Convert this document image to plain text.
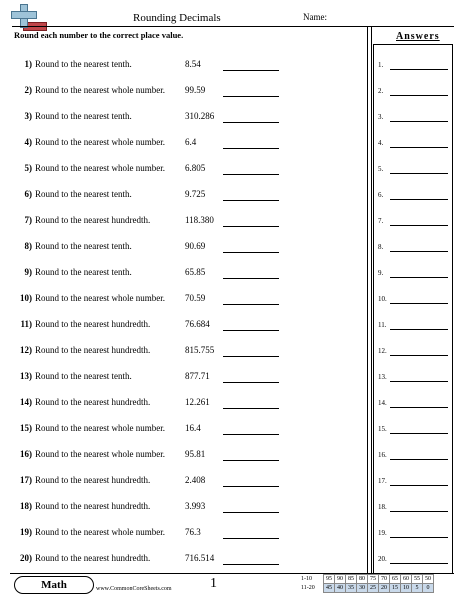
Rounding Decimals	Name:
Round each number to the correct place value.	Answers
1) Round to the nearest tenth.	8.54
2) Round to the nearest whole number. 99.59
3) Round to the nearest tenth.	310.286
4) Round to the nearest whole number. 6.4
5) Round to the nearest whole number. 6.805
6) Round to the nearest tenth.	9.725
7) Round to the nearest hundredth.	118.380
8) Round to the nearest tenth.	90.69
9) Round to the nearest tenth.	65.85
10) Round to the nearest whole number. 70.59
11) Round to the nearest hundredth.	76.684
12) Round to the nearest hundredth.	815.755
13) Round to the nearest tenth.	877.71
14) Round to the nearest hundredth.	12.261
15) Round to the nearest whole number. 16.4
16) Round to the nearest whole number. 95.81
17) Round to the nearest hundredth.	2.408
18) Round to the nearest hundredth.	3.993
19) Round to the nearest whole number. 76.3
20) Round to the nearest hundredth.	716.514
1.
2.
3.
4.
5.
6.
7.
8.
9.
10.
11.
12.
13.
14.
15.
16.
17.
18.
19.
20.
Math	www.CommonCoreSheets.com	1	1-10	95	90	85	80	75	70	65	60	55	50
11-20	45	40	35	30	25	20	15	10	5	0
